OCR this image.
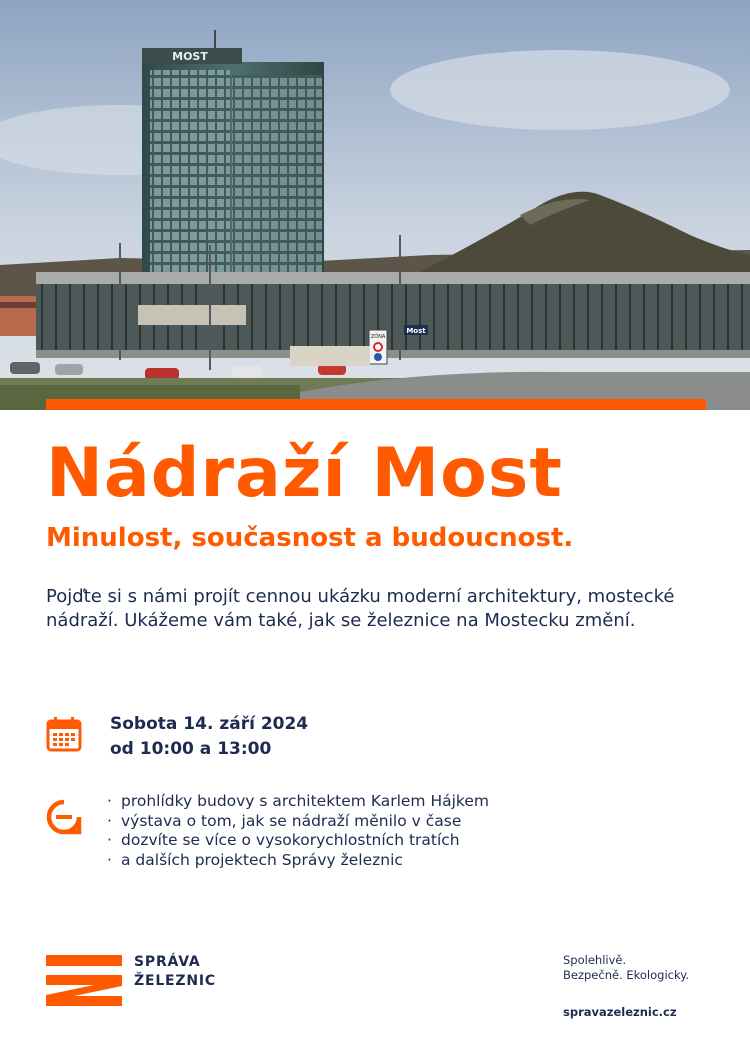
MOST
Most
ZÓNA
Nádraží Most
Minulost, současnost a budoucnost.

Pojďte si s námi projít cennou ukázku moderní architektury, mostecké nádraží. Ukážeme vám také, jak se železnice na Mostecku změní.

Sobota 14. září 2024
od 10:00 a 13:00
· prohlídky budovy s architektem Karlem Hájkem
· výstava o tom, jak se nádraží měnilo v čase
· dozvíte se více o vysokorychlostních tratích
· a dalších projektech Správy železnic
SPRÁVA
ŽELEZNIC
Spolehlivě.
Bezpečně. Ekologicky.
spravazeleznic.cz
